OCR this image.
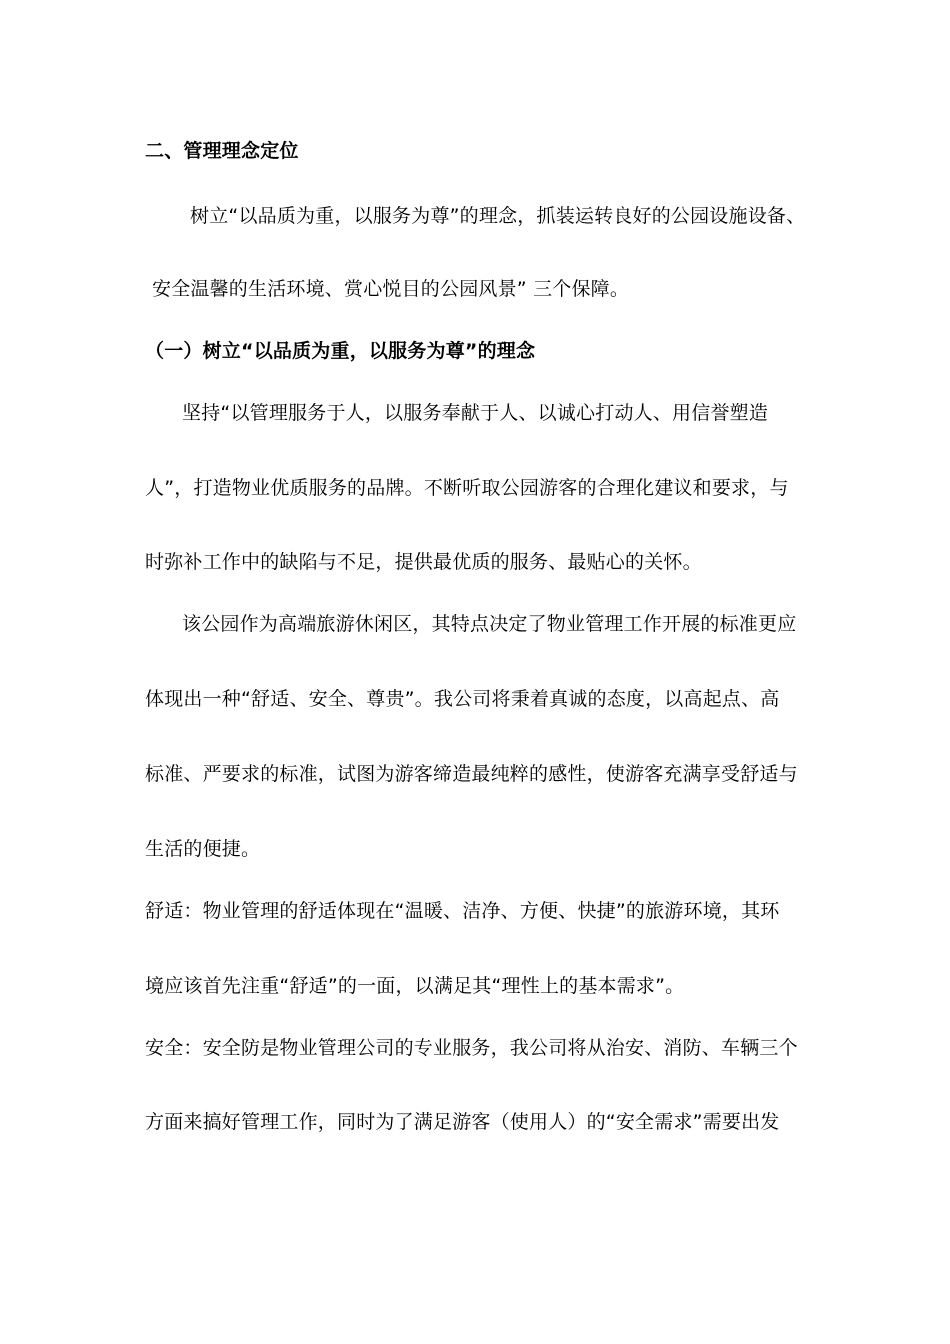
二、管理理念定位
树立“以品质为重，以服务为尊”的理念，抓装运转良好的公园设施设备、
安全温馨的生活环境、赏心悦目的公园风景” 三个保障。
（一）树立“以品质为重，以服务为尊”的理念
坚持“以管理服务于人，以服务奉献于人、以诚心打动人、用信誉塑造
人”，打造物业优质服务的品牌。不断听取公园游客的合理化建议和要求，与
时弥补工作中的缺陷与不足，提供最优质的服务、最贴心的关怀。
该公园作为高端旅游休闲区，其特点决定了物业管理工作开展的标准更应
体现出一种“舒适、安全、尊贵”。我公司将秉着真诚的态度，以高起点、高
标准、严要求的标准，试图为游客缔造最纯粹的感性，使游客充满享受舒适与
生活的便捷。
舒适：物业管理的舒适体现在“温暖、洁净、方便、快捷”的旅游环境，其环
境应该首先注重“舒适”的一面，以满足其“理性上的基本需求”。
安全：安全防是物业管理公司的专业服务，我公司将从治安、消防、车辆三个
方面来搞好管理工作，同时为了满足游客（使用人）的“安全需求”需要出发
